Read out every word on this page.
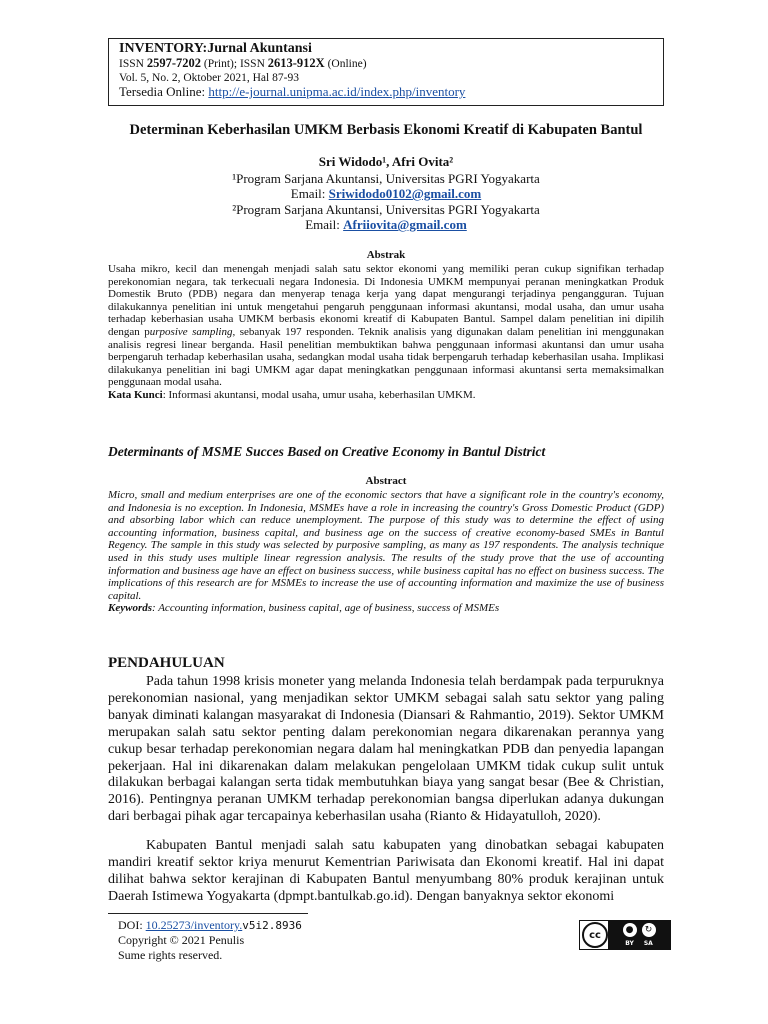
INVENTORY:Jurnal Akuntansi
ISSN 2597-7202 (Print); ISSN 2613-912X (Online)
Vol. 5, No. 2, Oktober 2021, Hal 87-93
Tersedia Online: http://e-journal.unipma.ac.id/index.php/inventory
Determinan Keberhasilan UMKM Berbasis Ekonomi Kreatif di Kabupaten Bantul
Sri Widodo¹, Afri Ovita²
¹Program Sarjana Akuntansi, Universitas PGRI Yogyakarta
Email: Sriwidodo0102@gmail.com
²Program Sarjana Akuntansi, Universitas PGRI Yogyakarta
Email: Afriiovita@gmail.com
Abstrak
Usaha mikro, kecil dan menengah menjadi salah satu sektor ekonomi yang memiliki peran cukup signifikan terhadap perekonomian negara, tak terkecuali negara Indonesia. Di Indonesia UMKM mempunyai peranan meningkatkan Produk Domestik Bruto (PDB) negara dan menyerap tenaga kerja yang dapat mengurangi terjadinya pengangguran. Tujuan dilakukannya penelitian ini untuk mengetahui pengaruh penggunaan informasi akuntansi, modal usaha, dan umur usaha terhadap keberhasian usaha UMKM berbasis ekonomi kreatif di Kabupaten Bantul. Sampel dalam penelitian ini dipilih dengan purposive sampling, sebanyak 197 responden. Teknik analisis yang digunakan dalam penelitian ini menggunakan analisis regresi linear berganda. Hasil penelitian membuktikan bahwa penggunaan informasi akuntansi dan umur usaha berpengaruh terhadap keberhasilan usaha, sedangkan modal usaha tidak berpengaruh terhadap keberhasilan usaha. Implikasi dilakukanya penelitian ini bagi UMKM agar dapat meningkatkan penggunaan informasi akuntansi serta memaksimalkan penggunaan modal usaha.
Kata Kunci: Informasi akuntansi, modal usaha, umur usaha, keberhasilan UMKM.
Determinants of MSME Succes Based on Creative Economy in Bantul District
Abstract
Micro, small and medium enterprises are one of the economic sectors that have a significant role in the country's economy, and Indonesia is no exception. In Indonesia, MSMEs have a role in increasing the country's Gross Domestic Product (GDP) and absorbing labor which can reduce unemployment. The purpose of this study was to determine the effect of using accounting information, business capital, and business age on the success of creative economy-based SMEs in Bantul Regency. The sample in this study was selected by purposive sampling, as many as 197 respondents. The analysis technique used in this study uses multiple linear regression analysis. The results of the study prove that the use of accounting information and business age have an effect on business success, while business capital has no effect on business success. The implications of this research are for MSMEs to increase the use of accounting information and maximize the use of business capital.
Keywords: Accounting information, business capital, age of business, success of MSMEs
PENDAHULUAN
Pada tahun 1998 krisis moneter yang melanda Indonesia telah berdampak pada terpuruknya perekonomian nasional, yang menjadikan sektor UMKM sebagai salah satu sektor yang paling banyak diminati kalangan masyarakat di Indonesia (Diansari & Rahmantio, 2019). Sektor UMKM merupakan salah satu sektor penting dalam perekonomian negara dikarenakan perannya yang cukup besar terhadap perekonomian negara dalam hal meningkatkan PDB dan penyedia lapangan pekerjaan. Hal ini dikarenakan dalam melakukan pengelolaan UMKM tidak cukup sulit untuk dilakukan berbagai kalangan serta tidak membutuhkan biaya yang sangat besar (Bee & Christian, 2016). Pentingnya peranan UMKM terhadap perekonomian bangsa diperlukan adanya dukungan dari berbagai pihak agar tercapainya keberhasilan usaha (Rianto & Hidayatulloh, 2020).
Kabupaten Bantul menjadi salah satu kabupaten yang dinobatkan sebagai kabupaten mandiri kreatif sektor kriya menurut Kementrian Pariwisata dan Ekonomi kreatif. Hal ini dapat dilihat bahwa sektor kerajinan di Kabupaten Bantul menyumbang 80% produk kerajinan untuk Daerah Istimewa Yogyakarta (dpmpt.bantulkab.go.id). Dengan banyaknya sektor ekonomi
DOI: 10.25273/inventory.v5i2.8936
Copyright © 2021 Penulis
Sume rights reserved.
cc	●	↻
BY SA
